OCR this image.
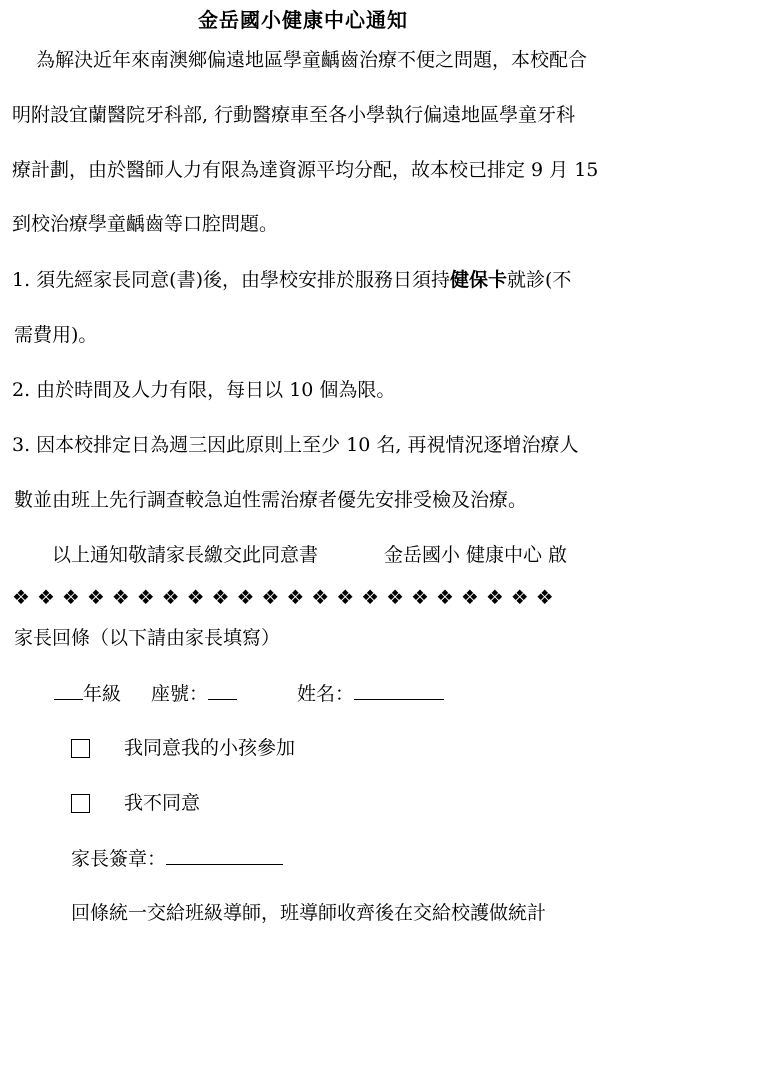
金岳國小健康中心通知
為解決近年來南澳鄉偏遠地區學童齲齒治療不便之問題，本校配合
明附設宜蘭醫院牙科部, 行動醫療車至各小學執行偏遠地區學童牙科
療計劃，由於醫師人力有限為達資源平均分配，故本校已排定 9 月 15
到校治療學童齲齒等口腔問題。
1. 須先經家長同意(書)後，由學校安排於服務日須持健保卡就診(不
需費用)。
2. 由於時間及人力有限，每日以 10 個為限。
3. 因本校排定日為週三因此原則上至少 10 名, 再視情況逐增治療人
數並由班上先行調查較急迫性需治療者優先安排受檢及治療。
以上通知敬請家長繳交此同意書	金岳國小 健康中心 啟
❖ ❖ ❖ ❖ ❖ ❖ ❖ ❖ ❖ ❖ ❖ ❖ ❖ ❖ ❖ ❖ ❖ ❖ ❖ ❖ ❖ ❖
家長回條（以下請由家長填寫）
年級 座號：	姓名：
我同意我的小孩參加
我不同意
家長簽章：
回條統一交給班級導師，班導師收齊後在交給校護做統計
